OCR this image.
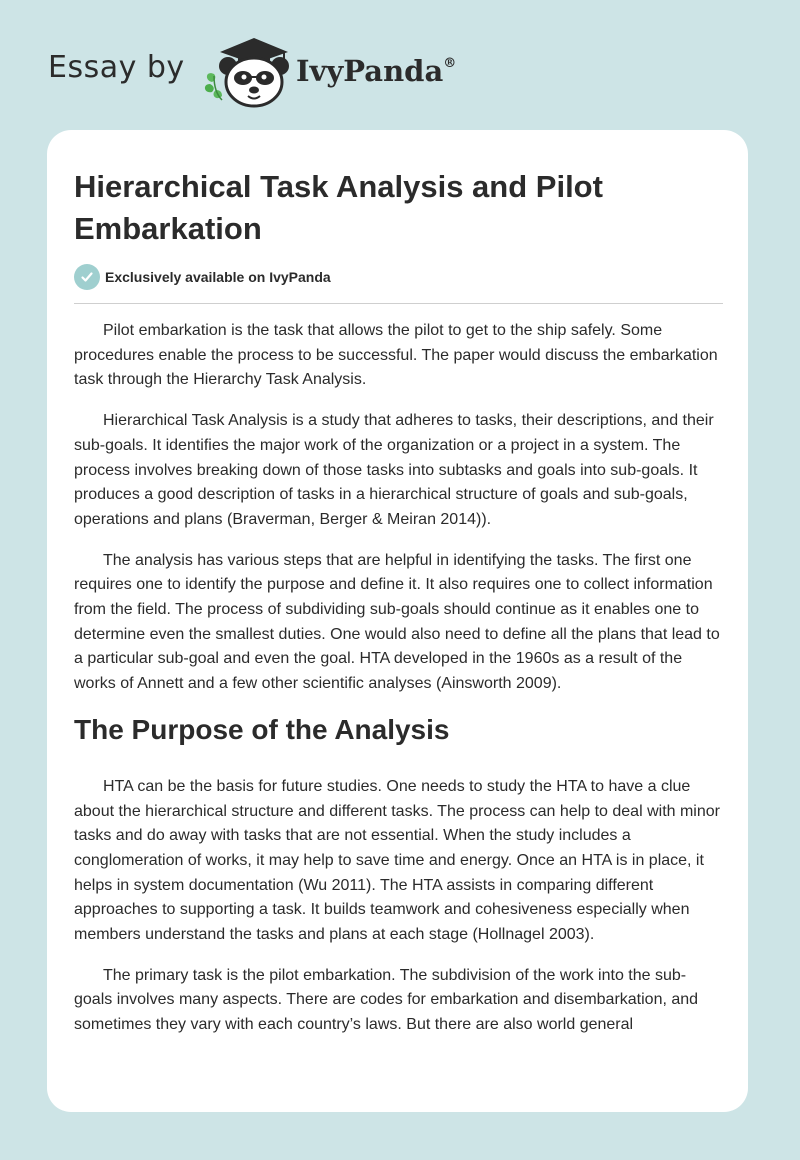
Essay by	IvyPanda®
Hierarchical Task Analysis and Pilot Embarkation
Exclusively available on IvyPanda

Pilot embarkation is the task that allows the pilot to get to the ship safely. Some procedures enable the process to be successful. The paper would discuss the embarkation task through the Hierarchy Task Analysis.

Hierarchical Task Analysis is a study that adheres to tasks, their descriptions, and their sub-goals. It identifies the major work of the organization or a project in a system. The process involves breaking down of those tasks into subtasks and goals into sub-goals. It produces a good description of tasks in a hierarchical structure of goals and sub-goals, operations and plans (Braverman, Berger & Meiran 2014)).

The analysis has various steps that are helpful in identifying the tasks. The first one requires one to identify the purpose and define it. It also requires one to collect information from the field. The process of subdividing sub-goals should continue as it enables one to determine even the smallest duties. One would also need to define all the plans that lead to a particular sub-goal and even the goal. HTA developed in the 1960s as a result of the works of Annett and a few other scientific analyses (Ainsworth 2009).

The Purpose of the Analysis

HTA can be the basis for future studies. One needs to study the HTA to have a clue about the hierarchical structure and different tasks. The process can help to deal with minor tasks and do away with tasks that are not essential. When the study includes a conglomeration of works, it may help to save time and energy. Once an HTA is in place, it helps in system documentation (Wu 2011). The HTA assists in comparing different approaches to supporting a task. It builds teamwork and cohesiveness especially when members understand the tasks and plans at each stage (Hollnagel 2003).

The primary task is the pilot embarkation. The subdivision of the work into the sub-goals involves many aspects. There are codes for embarkation and disembarkation, and sometimes they vary with each country’s laws. But there are also world general
